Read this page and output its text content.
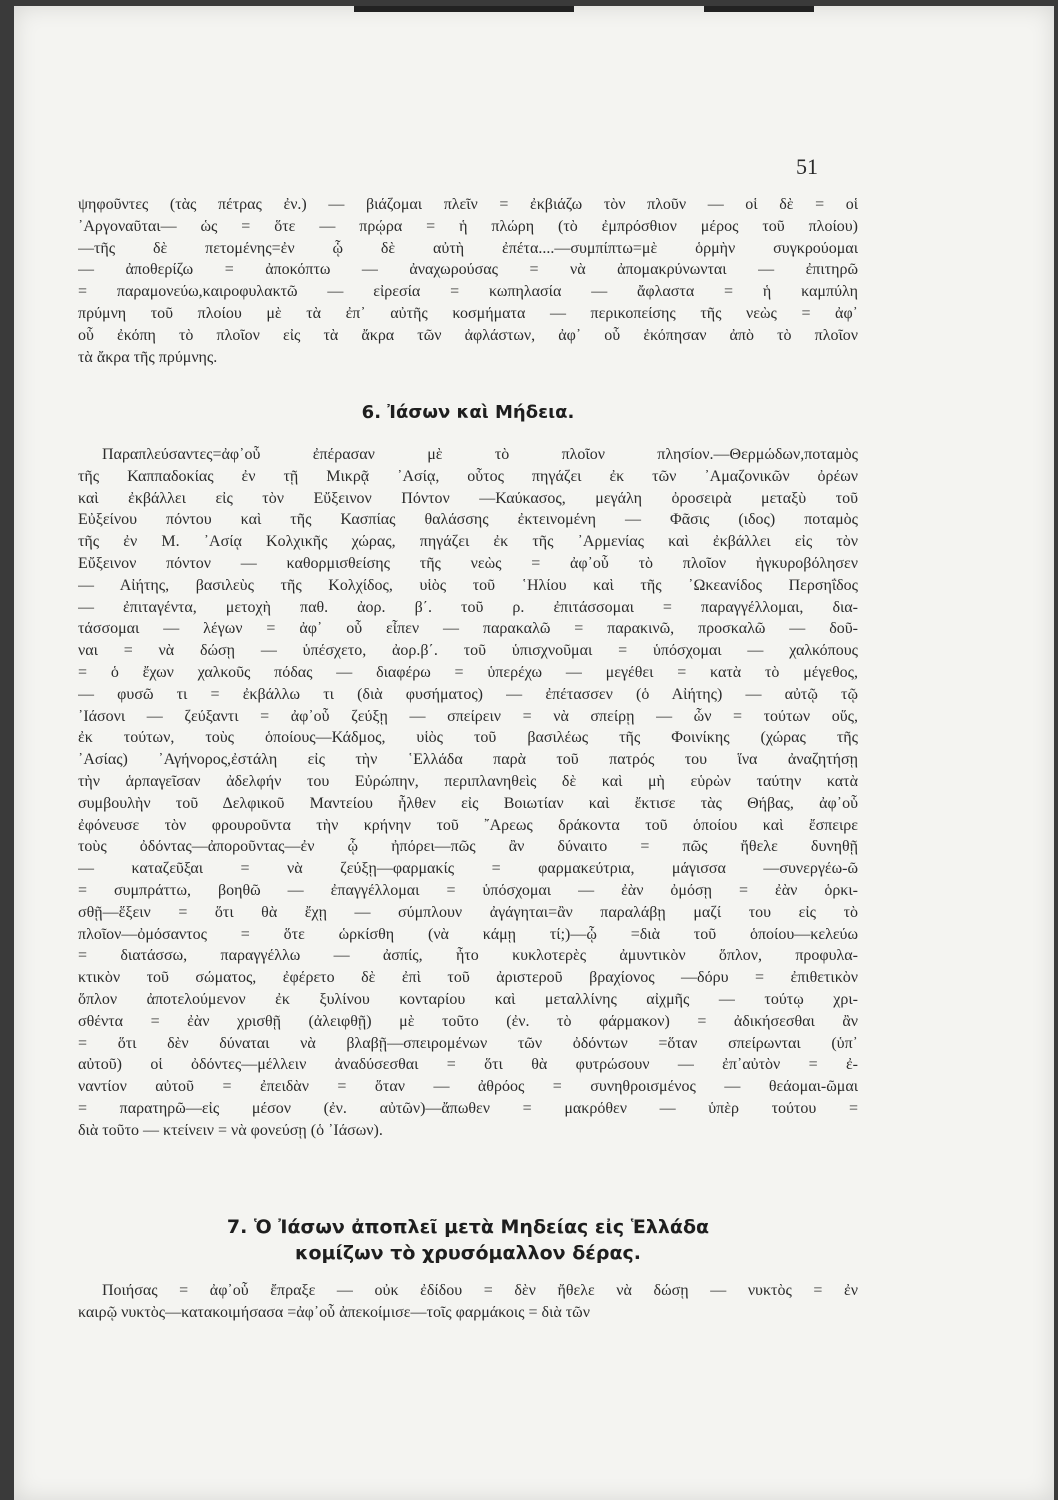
51
ψηφοῦντες (τὰς πέτρας ἐν.) — βιάζομαι πλεῖν = ἐκβιάζω τὸν πλοῦν — οἱ δὲ = οἱ
᾿Αργοναῦται— ὡς = ὅτε — πρῴρα = ἡ πλώρη (τὸ ἐμπρόσθιον μέρος τοῦ πλοίου)
—τῆς δὲ πετομένης=ἐν ᾧ δὲ αὐτὴ ἐπέτα....—συμπίπτω=μὲ ὁρμὴν συγκρούομαι
— ἀποθερίζω = ἀποκόπτω — ἀναχωρούσας = νὰ ἀπομακρύνωνται — ἐπιτηρῶ
= παραμονεύω,καιροφυλακτῶ — εἰρεσία = κωπηλασία — ἄφλαστα = ἡ καμπύλη
πρύμνη τοῦ πλοίου μὲ τὰ ἐπ᾿ αὐτῆς κοσμήματα — περικοπείσης τῆς νεὼς = ἀφ᾿
οὗ ἐκόπη τὸ πλοῖον εἰς τὰ ἄκρα τῶν ἀφλάστων, ἀφ᾿ οὗ ἐκόπησαν ἀπὸ τὸ πλοῖον
τὰ ἄκρα τῆς πρύμνης.
6. Ἰάσων καὶ Μήδεια.
Παραπλεύσαντες=ἀφ᾿οὗ ἐπέρασαν μὲ τὸ πλοῖον πλησίον.—Θερμώδων,ποταμὸς
τῆς Καππαδοκίας ἐν τῇ Μικρᾷ ᾿Ασίᾳ, οὗτος πηγάζει ἐκ τῶν ᾿Αμαζονικῶν ὀρέων
καὶ ἐκβάλλει εἰς τὸν Εὔξεινον Πόντον —Καύκασος, μεγάλη ὀροσειρὰ μεταξὺ τοῦ
Εὐξείνου πόντου καὶ τῆς Κασπίας θαλάσσης ἐκτεινομένη — Φᾶσις (ιδος) ποταμὸς
τῆς ἐν Μ. ᾿Ασίᾳ Κολχικῆς χώρας, πηγάζει ἐκ τῆς ᾿Αρμενίας καὶ ἐκβάλλει εἰς τὸν
Εὔξεινον πόντον — καθορμισθείσης τῆς νεὼς = ἀφ᾿οὗ τὸ πλοῖον ἠγκυροβόλησεν
— Αἰήτης, βασιλεὺς τῆς Κολχίδος, υἱὸς τοῦ ῾Ηλίου καὶ τῆς ᾿Ωκεανίδος Περσηΐδος
— ἐπιταγέντα, μετοχὴ παθ. ἀορ. β΄. τοῦ ρ. ἐπιτάσσομαι = παραγγέλλομαι, δια-
τάσσομαι — λέγων = ἀφ᾿ οὗ εἶπεν — παρακαλῶ = παρακινῶ, προσκαλῶ — δοῦ-
ναι = νὰ δώσῃ — ὑπέσχετο, ἀορ.β΄. τοῦ ὑπισχνοῦμαι = ὑπόσχομαι — χαλκόπους
= ὁ ἔχων χαλκοῦς πόδας — διαφέρω = ὑπερέχω — μεγέθει = κατὰ τὸ μέγεθος,
— φυσῶ τι = ἐκβάλλω τι (διὰ φυσήματος) — ἐπέτασσεν (ὁ Αἰήτης) — αὐτῷ τῷ
᾿Ιάσονι — ζεύξαντι = ἀφ᾿οὗ ζεύξῃ — σπείρειν = νὰ σπείρῃ — ὧν = τούτων οὕς,
ἐκ τούτων, τοὺς ὁποίους—Κάδμος, υἱὸς τοῦ βασιλέως τῆς Φοινίκης (χώρας τῆς
᾿Ασίας) ᾿Αγήνορος,ἐστάλη εἰς τὴν ῾Ελλάδα παρὰ τοῦ πατρός του ἵνα ἀναζητήσῃ
τὴν ἁρπαγεῖσαν ἀδελφήν του Εὐρώπην, περιπλανηθεὶς δὲ καὶ μὴ εὑρὼν ταύτην κατὰ
συμβουλὴν τοῦ Δελφικοῦ Μαντείου ἦλθεν εἰς Βοιωτίαν καὶ ἔκτισε τὰς Θήβας, ἀφ᾿οὗ
ἐφόνευσε τὸν φρουροῦντα τὴν κρήνην τοῦ ῎Αρεως δράκοντα τοῦ ὁποίου καὶ ἔσπειρε
τοὺς ὀδόντας—ἀποροῦντας—ἐν ᾧ ἠπόρει—πῶς ἂν δύναιτο = πῶς ἤθελε δυνηθῇ
— καταζεῦξαι = νὰ ζεύξῃ—φαρμακίς = φαρμακεύτρια, μάγισσα —συνεργέω-ῶ
= συμπράττω, βοηθῶ — ἐπαγγέλλομαι = ὑπόσχομαι — ἐὰν ὀμόσῃ = ἐὰν ὁρκι-
σθῇ—ἕξειν = ὅτι θὰ ἔχῃ — σύμπλουν ἀγάγηται=ἂν παραλάβῃ μαζί του εἰς τὸ
πλοῖον—ὀμόσαντος = ὅτε ὡρκίσθη (νὰ κάμῃ τί;)—ᾧ =διὰ τοῦ ὁποίου—κελεύω
= διατάσσω, παραγγέλλω — ἀσπίς, ἦτο κυκλοτερὲς ἀμυντικὸν ὅπλον, προφυλα-
κτικὸν τοῦ σώματος, ἐφέρετο δὲ ἐπὶ τοῦ ἀριστεροῦ βραχίονος —δόρυ = ἐπιθετικὸν
ὅπλον ἀποτελούμενον ἐκ ξυλίνου κονταρίου καὶ μεταλλίνης αἰχμῆς — τούτῳ χρι-
σθέντα = ἐὰν χρισθῇ (ἀλειφθῇ) μὲ τοῦτο (ἐν. τὸ φάρμακον) = ἀδικήσεσθαι ἂν
= ὅτι δὲν δύναται νὰ βλαβῇ—σπειρομένων τῶν ὀδόντων =ὅταν σπείρωνται (ὑπ᾿
αὐτοῦ) οἱ ὀδόντες—μέλλειν ἀναδύσεσθαι = ὅτι θὰ φυτρώσουν — ἐπ᾿αὐτὸν = ἐ-
ναντίον αὐτοῦ = ἐπειδὰν = ὅταν — ἀθρόος = συνηθροισμένος — θεάομαι-ῶμαι
= παρατηρῶ—εἰς μέσον (ἐν. αὐτῶν)—ἄπωθεν = μακρόθεν — ὑπὲρ τούτου =
διὰ τοῦτο — κτείνειν = νὰ φονεύσῃ (ὁ ᾿Ιάσων).
7. Ὁ Ἰάσων ἀποπλεῖ μετὰ Μηδείας εἰς Ἑλλάδα
κομίζων τὸ χρυσόμαλλον δέρας.
Ποιήσας = ἀφ᾿οὗ ἔπραξε — οὐκ ἐδίδου = δὲν ἤθελε νὰ δώσῃ — νυκτὸς = ἐν
καιρῷ νυκτὸς—κατακοιμήσασα =ἀφ᾿οὗ ἀπεκοίμισε—τοῖς φαρμάκοις = διὰ τῶν
